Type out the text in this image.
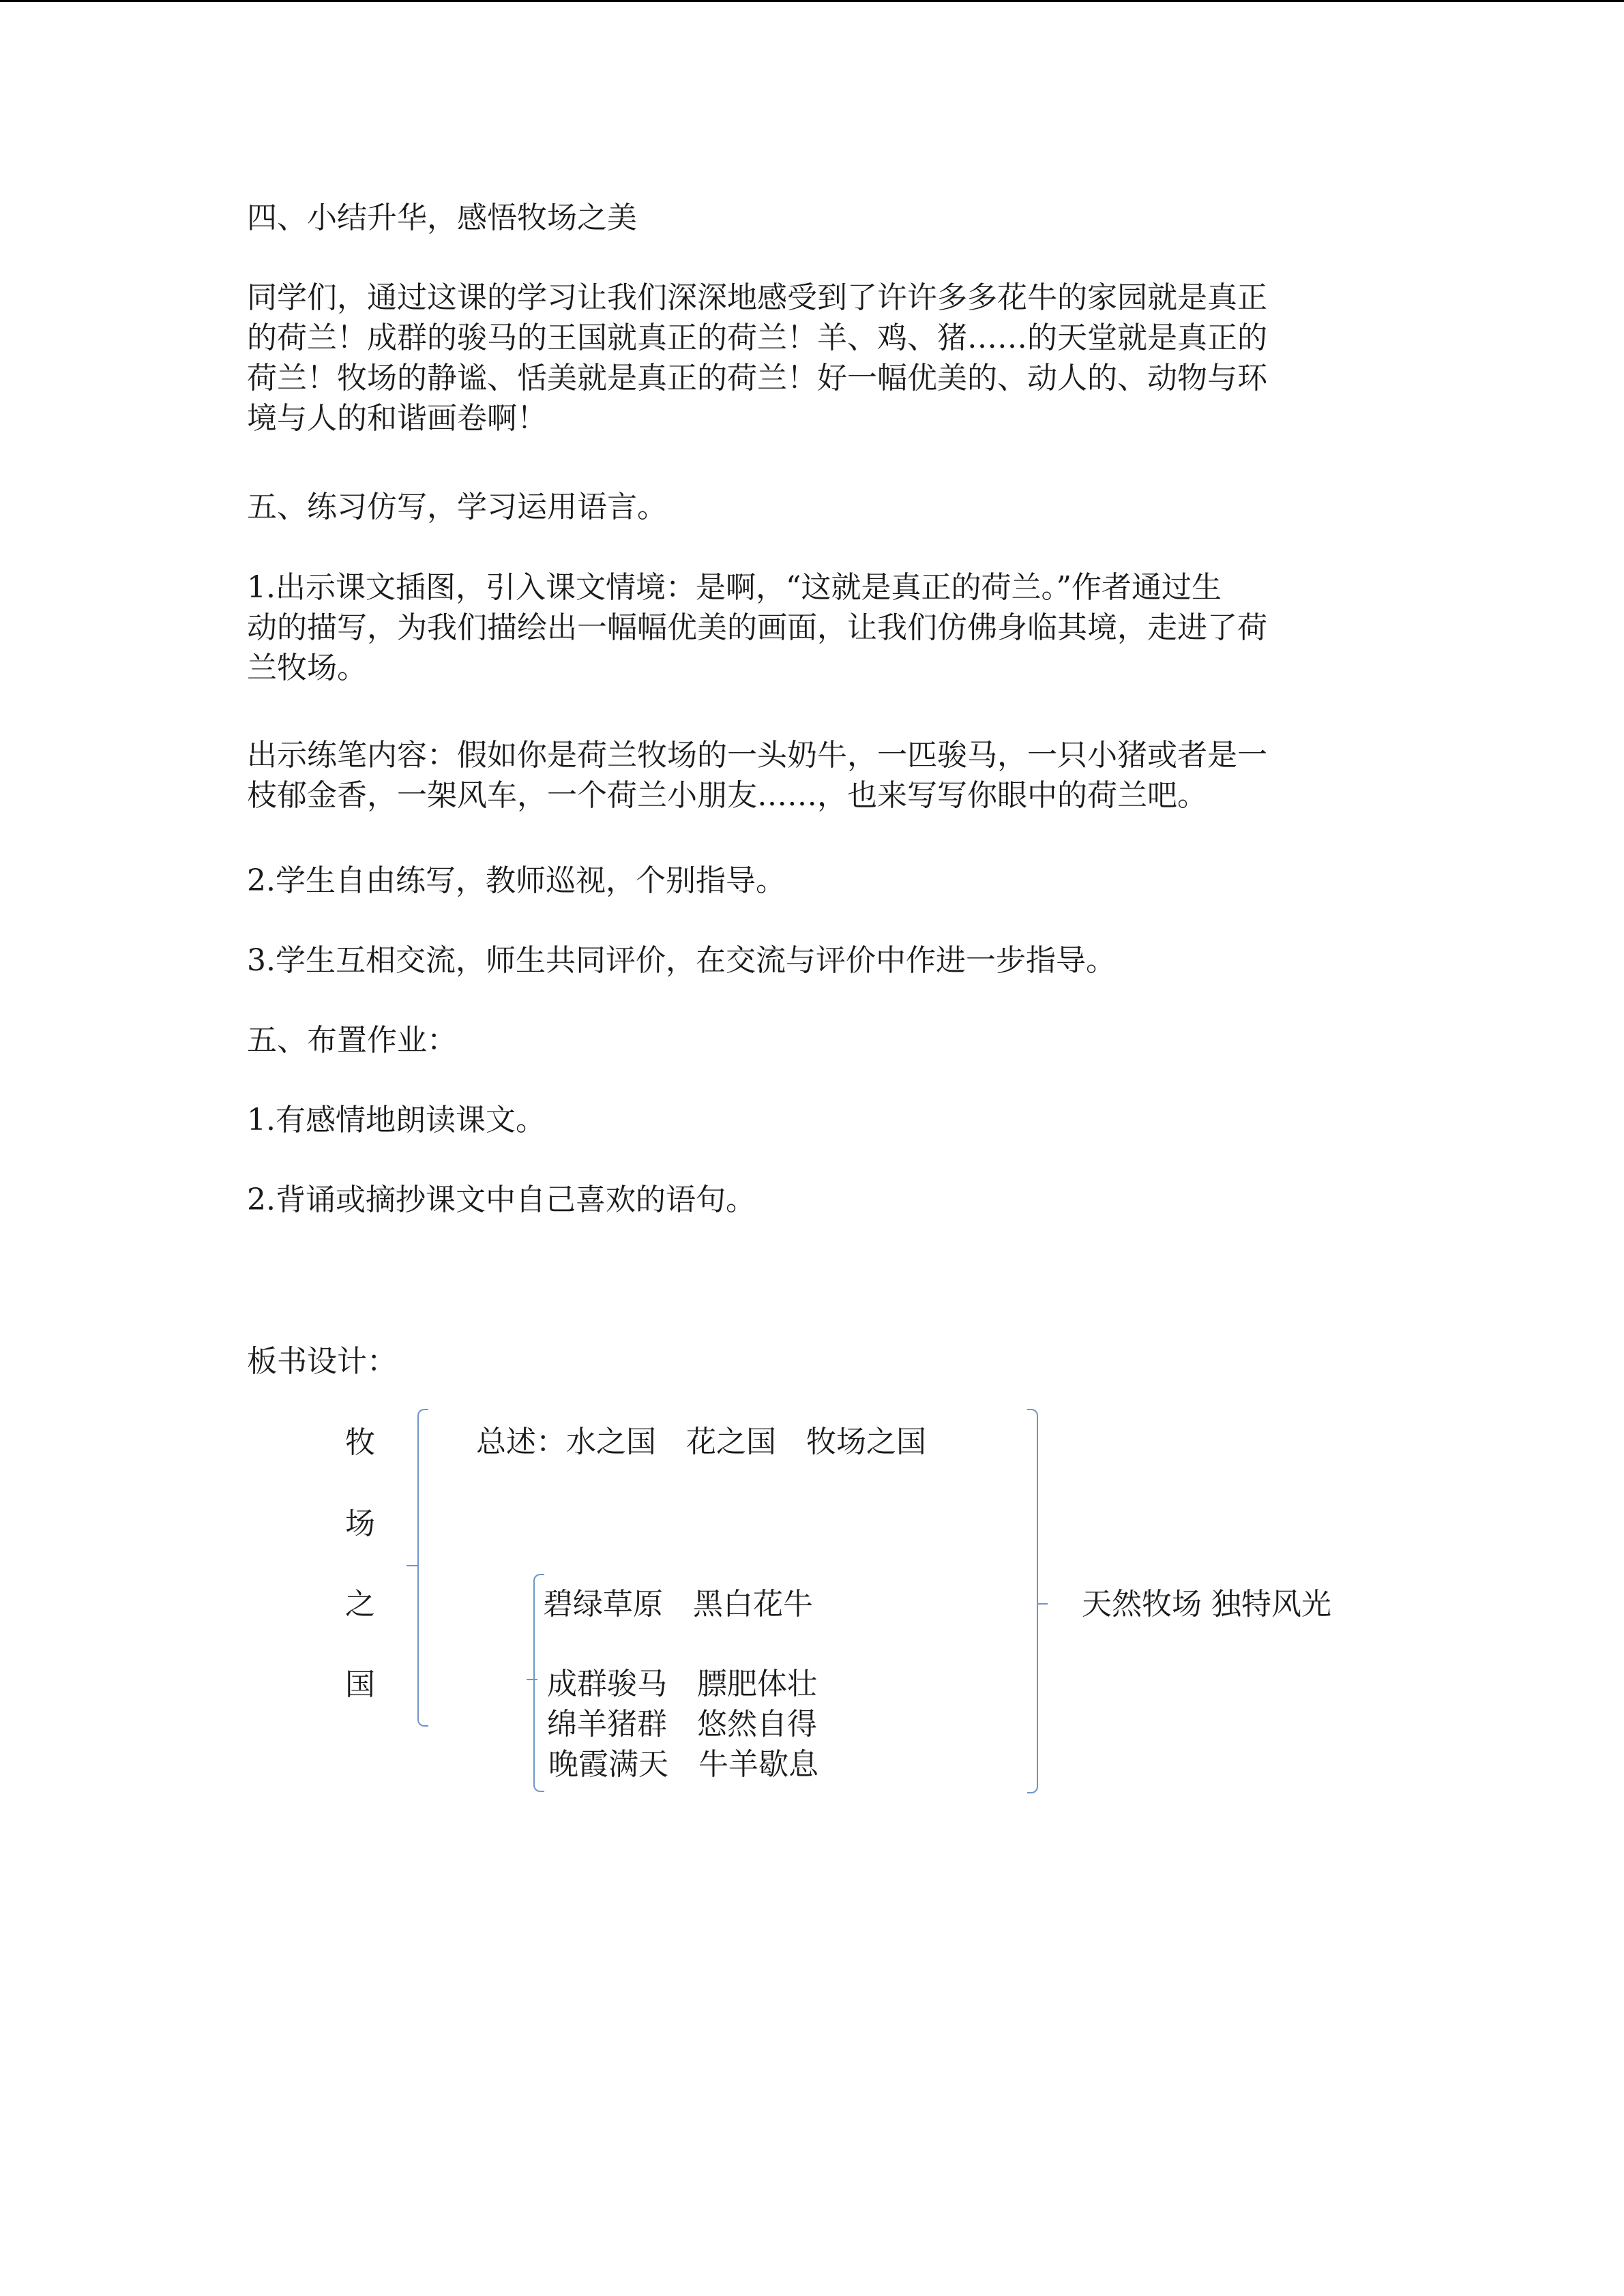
四、小结升华，感悟牧场之美
同学们，通过这课的学习让我们深深地感受到了许许多多花牛的家园就是真正
的荷兰！成群的骏马的王国就真正的荷兰！羊、鸡、猪……的天堂就是真正的
荷兰！牧场的静谧、恬美就是真正的荷兰！好一幅优美的、动人的、动物与环
境与人的和谐画卷啊！
五、练习仿写，学习运用语言。
1.出示课文插图，引入课文情境：是啊，“这就是真正的荷兰。”作者通过生
动的描写，为我们描绘出一幅幅优美的画面，让我们仿佛身临其境，走进了荷
兰牧场。
出示练笔内容：假如你是荷兰牧场的一头奶牛，一匹骏马，一只小猪或者是一
枝郁金香，一架风车，一个荷兰小朋友……，也来写写你眼中的荷兰吧。
2.学生自由练写，教师巡视，个别指导。
3.学生互相交流，师生共同评价，在交流与评价中作进一步指导。
五、布置作业：
1.有感情地朗读课文。
2.背诵或摘抄课文中自己喜欢的语句。
板书设计：
牧
场
之
国
总述：水之国　花之国　牧场之国
碧绿草原　黑白花牛
成群骏马　膘肥体壮
绵羊猪群　悠然自得
晚霞满天　牛羊歇息
天然牧场 独特风光
